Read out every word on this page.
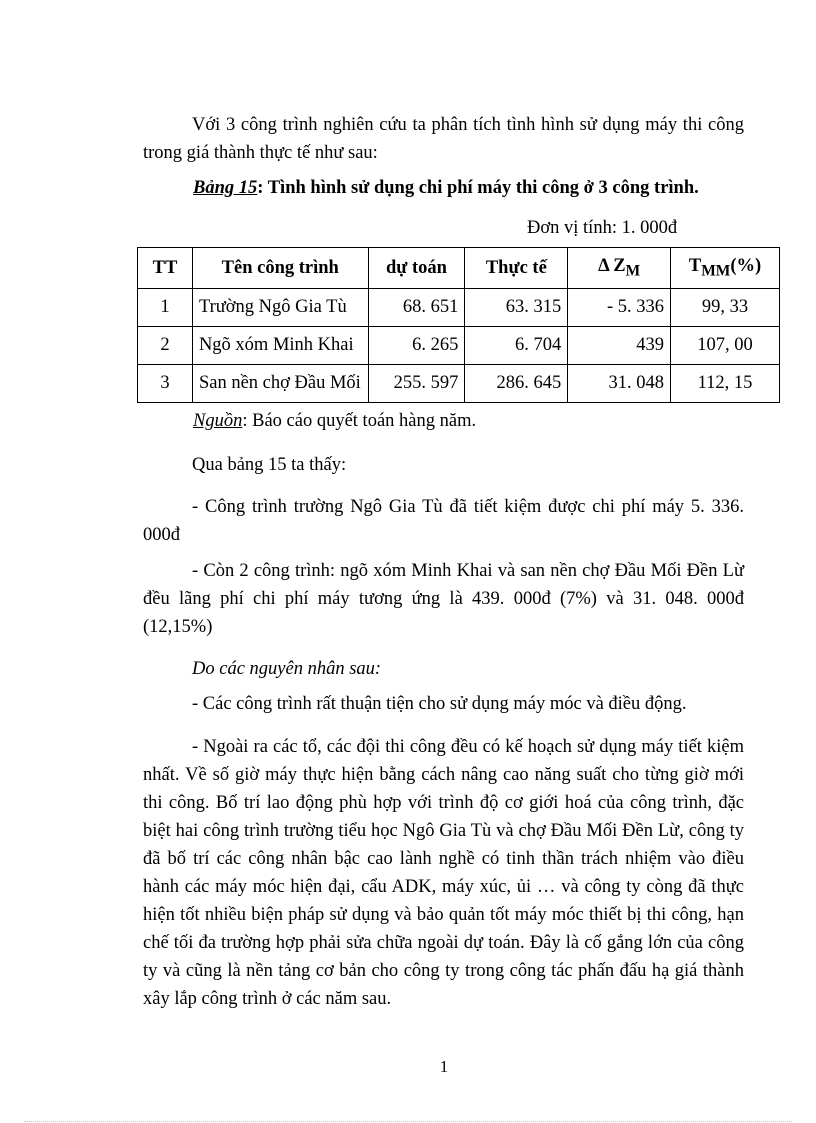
Với 3 công trình nghiên cứu ta phân tích tình hình sử dụng máy thi công trong giá thành thực tế như sau:

Bảng 15: Tình hình sử dụng chi phí máy thi công ở 3 công trình.
Đơn vị tính: 1. 000đ
TT	Tên công trình	dự toán	Thực tế	Δ $Z_M$	$T_{MM}(\%)$
1	Trường Ngô Gia Tù	68. 651	63. 315	- 5. 336	99, 33
2	Ngõ xóm Minh Khai	6. 265	6. 704	439	107, 00
3	San nền chợ Đầu Mối	255. 597	286. 645	31. 048	112, 15
Nguồn: Báo cáo quyết toán hàng năm.

Qua bảng 15 ta thấy:

- Công trình trường Ngô Gia Tù đã tiết kiệm được chi phí máy 5. 336. 000đ

- Còn 2 công trình: ngõ xóm Minh Khai và san nền chợ Đầu Mối Đền Lừ đều lãng phí chi phí máy tương ứng là 439. 000đ (7%) và 31. 048. 000đ (12,15%)

Do các nguyên nhân sau:

- Các công trình rất thuận tiện cho sử dụng máy móc và điều động.

- Ngoài ra các tổ, các đội thi công đều có kế hoạch sử dụng máy tiết kiệm nhất. Về số giờ máy thực hiện bằng cách nâng cao năng suất cho từng giờ mới thi công. Bố trí lao động phù hợp với trình độ cơ giới hoá của công trình, đặc biệt hai công trình trường tiểu học Ngô Gia Tù và chợ Đầu Mối Đền Lừ, công ty đã bố trí các công nhân bậc cao lành nghề có tinh thần trách nhiệm vào điều hành các máy móc hiện đại, cẩu ADK, máy xúc, ủi … và công ty còng đã thực hiện tốt nhiều biện pháp sử dụng và bảo quản tốt máy móc thiết bị thi công, hạn chế tối đa trường hợp phải sửa chữa ngoài dự toán. Đây là cố gắng lớn của công ty và cũng là nền tảng cơ bản cho công ty trong công tác phấn đấu hạ giá thành xây lắp công trình ở các năm sau.

1
